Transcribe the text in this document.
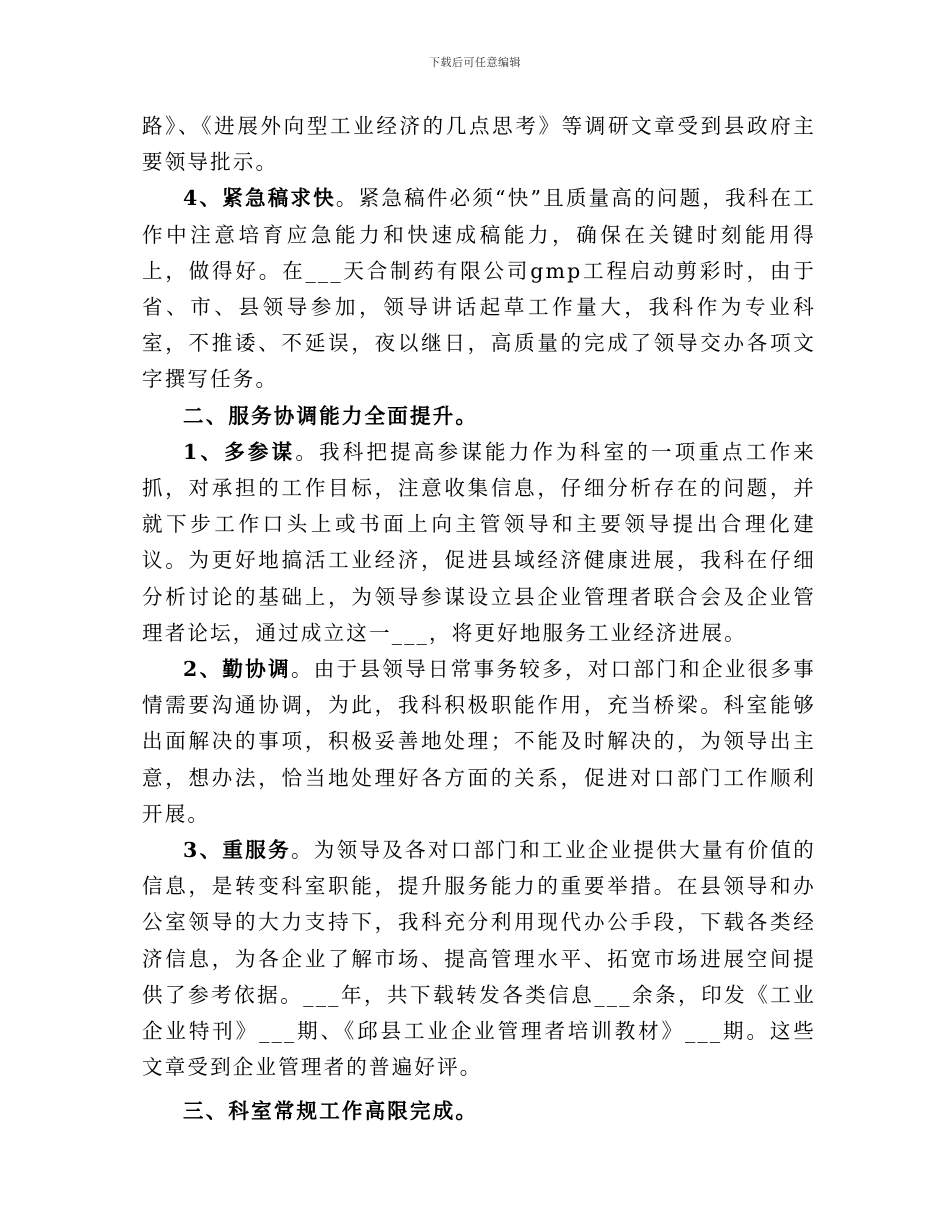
下载后可任意编辑

路》、《进展外向型工业经济的几点思考》等调研文章受到县政府主要领导批示。

4、紧急稿求快。紧急稿件必须“快”且质量高的问题，我科在工作中注意培育应急能力和快速成稿能力，确保在关键时刻能用得上，做得好。在___天合制药有限公司gmp工程启动剪彩时，由于省、市、县领导参加，领导讲话起草工作量大，我科作为专业科室，不推诿、不延误，夜以继日，高质量的完成了领导交办各项文字撰写任务。

二、服务协调能力全面提升。

1、多参谋。我科把提高参谋能力作为科室的一项重点工作来抓，对承担的工作目标，注意收集信息，仔细分析存在的问题，并就下步工作口头上或书面上向主管领导和主要领导提出合理化建议。为更好地搞活工业经济，促进县域经济健康进展，我科在仔细分析讨论的基础上，为领导参谋设立县企业管理者联合会及企业管理者论坛，通过成立这一___，将更好地服务工业经济进展。

2、勤协调。由于县领导日常事务较多，对口部门和企业很多事情需要沟通协调，为此，我科积极职能作用，充当桥梁。科室能够出面解决的事项，积极妥善地处理；不能及时解决的，为领导出主意，想办法，恰当地处理好各方面的关系，促进对口部门工作顺利开展。

3、重服务。为领导及各对口部门和工业企业提供大量有价值的信息，是转变科室职能，提升服务能力的重要举措。在县领导和办公室领导的大力支持下，我科充分利用现代办公手段，下载各类经济信息，为各企业了解市场、提高管理水平、拓宽市场进展空间提供了参考依据。___年，共下载转发各类信息___余条，印发《工业企业特刊》___期、《邱县工业企业管理者培训教材》___期。这些文章受到企业管理者的普遍好评。

三、科室常规工作高限完成。
